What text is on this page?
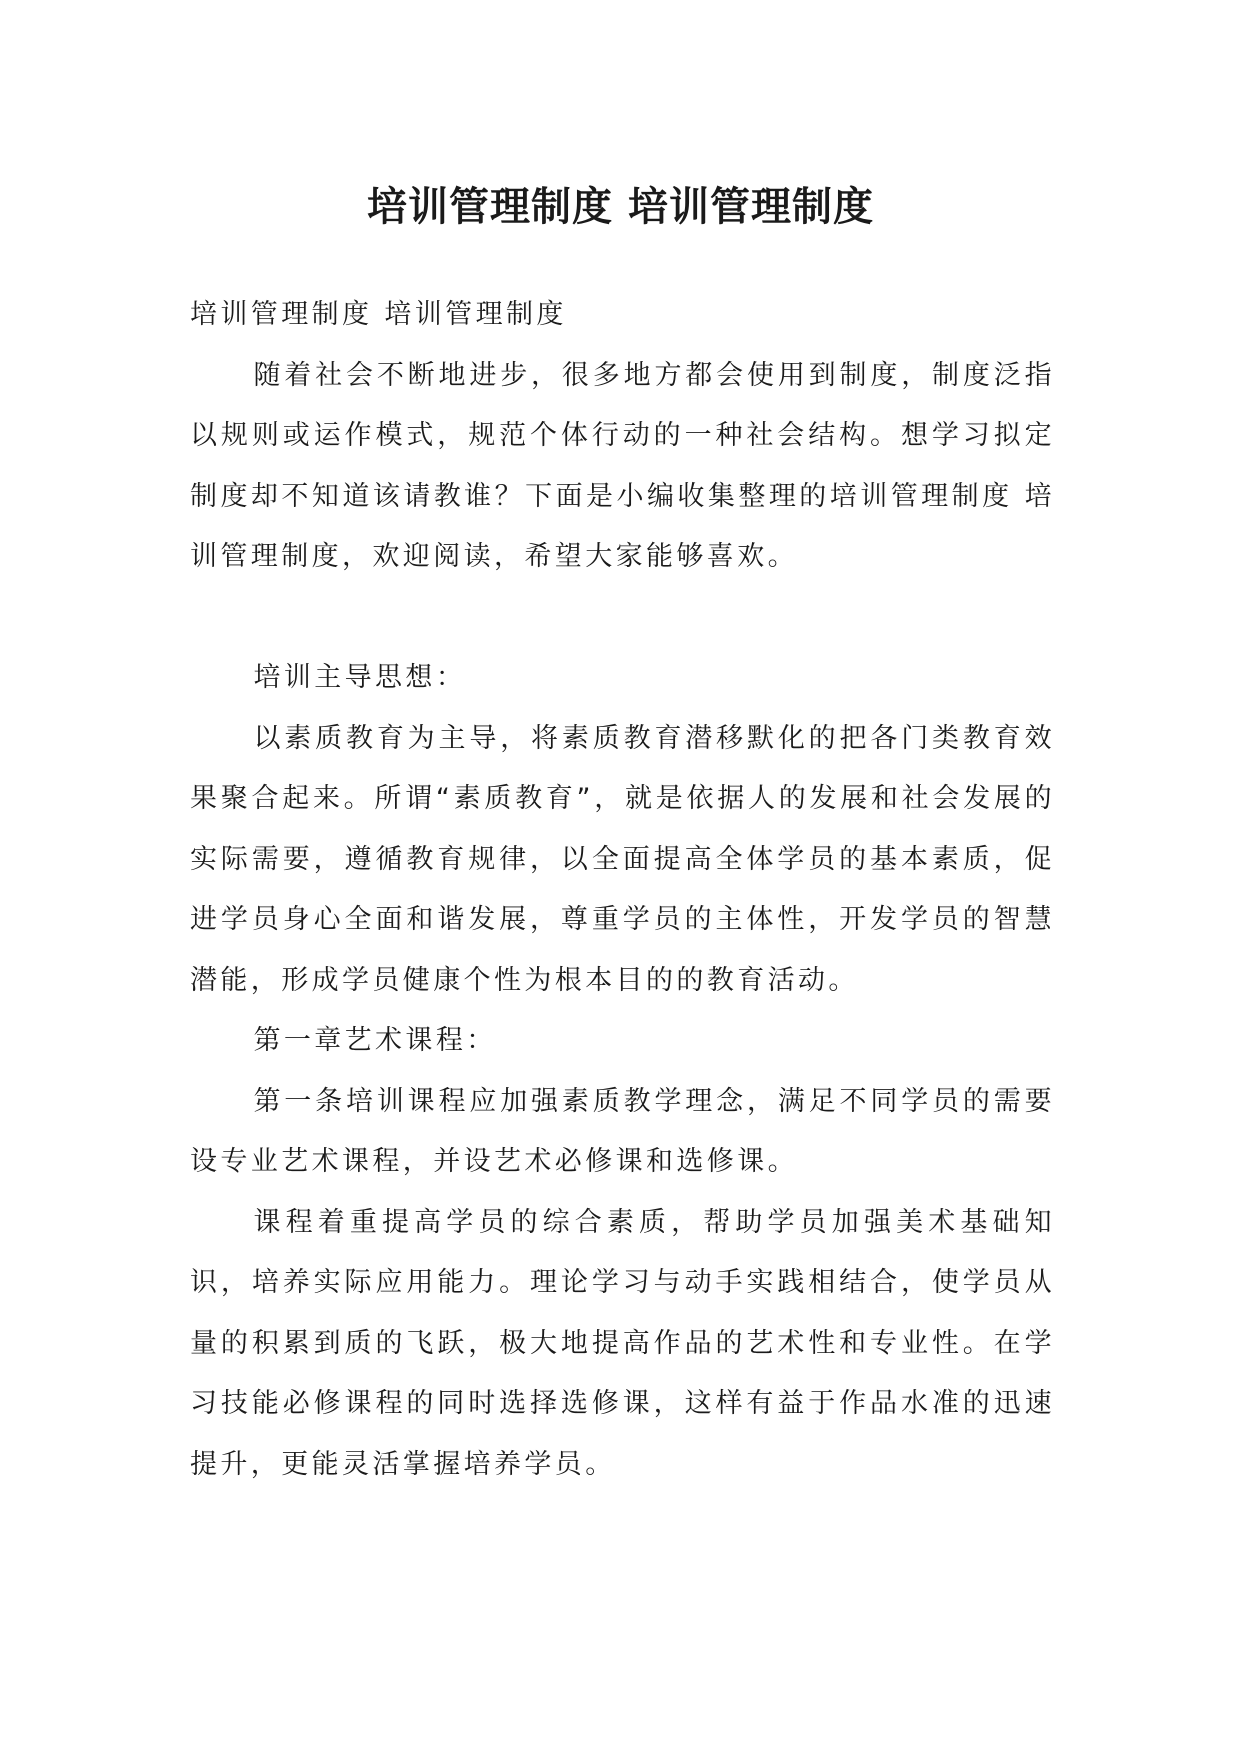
培训管理制度 培训管理制度

培训管理制度 培训管理制度

随着社会不断地进步，很多地方都会使用到制度，制度泛指以规则或运作模式，规范个体行动的一种社会结构。想学习拟定制度却不知道该请教谁？下面是小编收集整理的培训管理制度 培训管理制度，欢迎阅读，希望大家能够喜欢。

培训主导思想：

以素质教育为主导，将素质教育潜移默化的把各门类教育效果聚合起来。所谓“素质教育”，就是依据人的发展和社会发展的实际需要，遵循教育规律，以全面提高全体学员的基本素质，促进学员身心全面和谐发展，尊重学员的主体性，开发学员的智慧潜能，形成学员健康个性为根本目的的教育活动。

第一章艺术课程：

第一条培训课程应加强素质教学理念，满足不同学员的需要设专业艺术课程，并设艺术必修课和选修课。

课程着重提高学员的综合素质，帮助学员加强美术基础知识，培养实际应用能力。理论学习与动手实践相结合，使学员从量的积累到质的飞跃，极大地提高作品的艺术性和专业性。在学习技能必修课程的同时选择选修课，这样有益于作品水准的迅速提升，更能灵活掌握培养学员。
